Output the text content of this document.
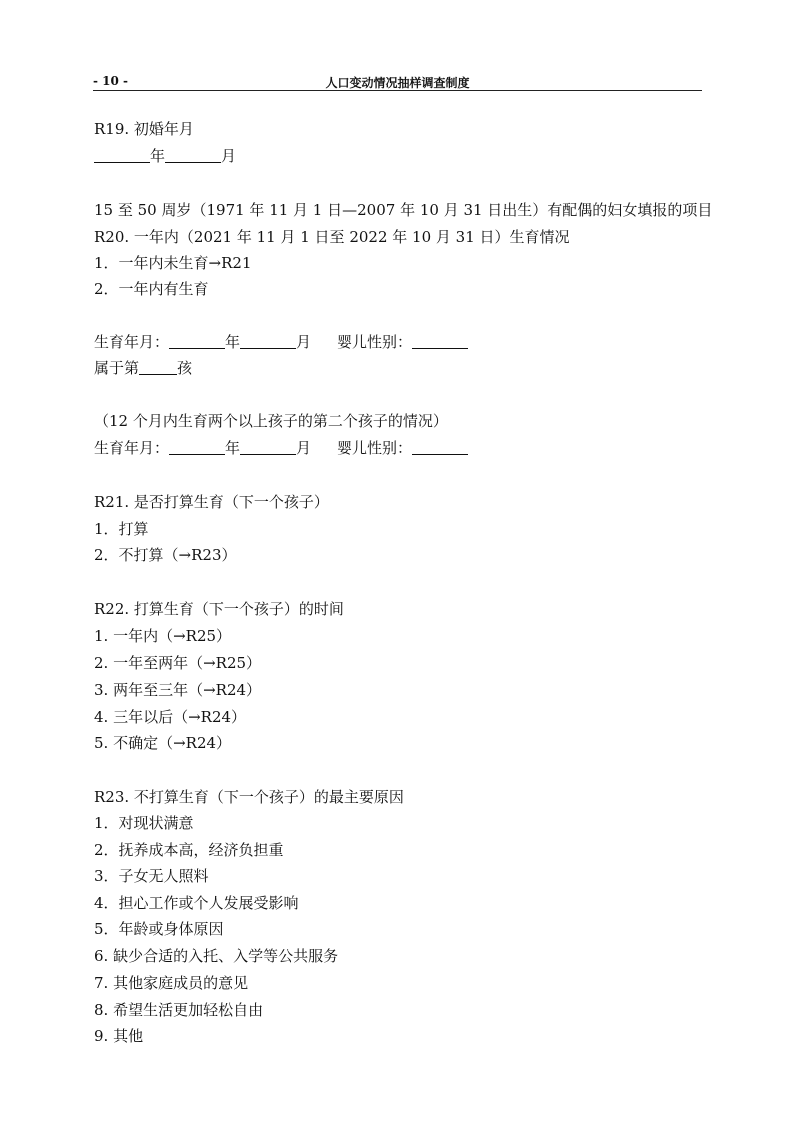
- 10 -	人口变动情况抽样调查制度
R19. 初婚年月
年	月
15 至 50 周岁（1971 年 11 月 1 日—2007 年 10 月 31 日出生）有配偶的妇女填报的项目
R20. 一年内（2021 年 11 月 1 日至 2022 年 10 月 31 日）生育情况
1．一年内未生育→R21
2．一年内有生育
生育年月：	年	月 婴儿性别：
属于第	孩
（12 个月内生育两个以上孩子的第二个孩子的情况）
生育年月：	年	月 婴儿性别：
R21. 是否打算生育（下一个孩子）
1．打算
2．不打算（→R23）
R22. 打算生育（下一个孩子）的时间
1. 一年内（→R25）
2. 一年至两年（→R25）
3. 两年至三年（→R24）
4. 三年以后（→R24）
5. 不确定（→R24）
R23. 不打算生育（下一个孩子）的最主要原因
1．对现状满意
2．抚养成本高，经济负担重
3．子女无人照料
4．担心工作或个人发展受影响
5．年龄或身体原因
6. 缺少合适的入托、入学等公共服务
7. 其他家庭成员的意见
8. 希望生活更加轻松自由
9. 其他
